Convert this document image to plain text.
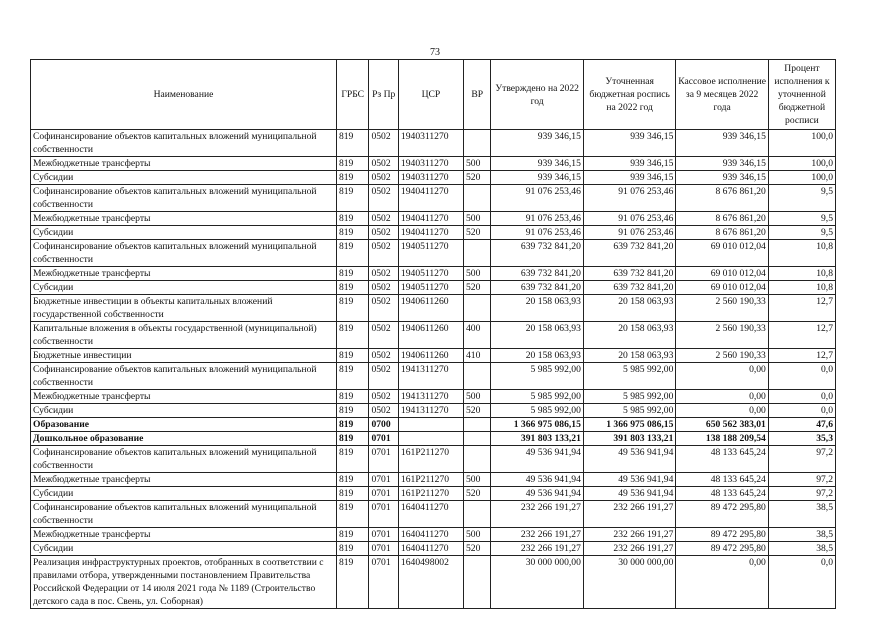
73
Наименование	ГРБС	Рз Пр	ЦСР	ВР	Утверждено на 2022 год	Уточненная бюджетная роспись на 2022 год	Кассовое исполнение за 9 месяцев 2022 года	Процент исполнения к уточненной бюджетной росписи
Софинансирование объектов капитальных вложений муниципальной собственности	819	0502	1940311270		939 346,15	939 346,15	939 346,15	100,0
Межбюджетные трансферты	819	0502	1940311270	500	939 346,15	939 346,15	939 346,15	100,0
Субсидии	819	0502	1940311270	520	939 346,15	939 346,15	939 346,15	100,0
Софинансирование объектов капитальных вложений муниципальной собственности	819	0502	1940411270		91 076 253,46	91 076 253,46	8 676 861,20	9,5
Межбюджетные трансферты	819	0502	1940411270	500	91 076 253,46	91 076 253,46	8 676 861,20	9,5
Субсидии	819	0502	1940411270	520	91 076 253,46	91 076 253,46	8 676 861,20	9,5
Софинансирование объектов капитальных вложений муниципальной собственности	819	0502	1940511270		639 732 841,20	639 732 841,20	69 010 012,04	10,8
Межбюджетные трансферты	819	0502	1940511270	500	639 732 841,20	639 732 841,20	69 010 012,04	10,8
Субсидии	819	0502	1940511270	520	639 732 841,20	639 732 841,20	69 010 012,04	10,8
Бюджетные инвестиции в объекты капитальных вложений государственной собственности	819	0502	1940611260		20 158 063,93	20 158 063,93	2 560 190,33	12,7
Капитальные вложения в объекты государственной (муниципальной) собственности	819	0502	1940611260	400	20 158 063,93	20 158 063,93	2 560 190,33	12,7
Бюджетные инвестиции	819	0502	1940611260	410	20 158 063,93	20 158 063,93	2 560 190,33	12,7
Софинансирование объектов капитальных вложений муниципальной собственности	819	0502	1941311270		5 985 992,00	5 985 992,00	0,00	0,0
Межбюджетные трансферты	819	0502	1941311270	500	5 985 992,00	5 985 992,00	0,00	0,0
Субсидии	819	0502	1941311270	520	5 985 992,00	5 985 992,00	0,00	0,0
Образование	819	0700			1 366 975 086,15	1 366 975 086,15	650 562 383,01	47,6
Дошкольное образование	819	0701			391 803 133,21	391 803 133,21	138 188 209,54	35,3
Софинансирование объектов капитальных вложений муниципальной собственности	819	0701	161P211270		49 536 941,94	49 536 941,94	48 133 645,24	97,2
Межбюджетные трансферты	819	0701	161P211270	500	49 536 941,94	49 536 941,94	48 133 645,24	97,2
Субсидии	819	0701	161P211270	520	49 536 941,94	49 536 941,94	48 133 645,24	97,2
Софинансирование объектов капитальных вложений муниципальной собственности	819	0701	1640411270		232 266 191,27	232 266 191,27	89 472 295,80	38,5
Межбюджетные трансферты	819	0701	1640411270	500	232 266 191,27	232 266 191,27	89 472 295,80	38,5
Субсидии	819	0701	1640411270	520	232 266 191,27	232 266 191,27	89 472 295,80	38,5
Реализация инфраструктурных проектов, отобранных в соответствии с правилами отбора, утвержденными постановлением Правительства Российской Федерации от 14 июля 2021 года № 1189 (Строительство детского сада в пос. Свень, ул. Соборная)	819	0701	1640498002		30 000 000,00	30 000 000,00	0,00	0,0
